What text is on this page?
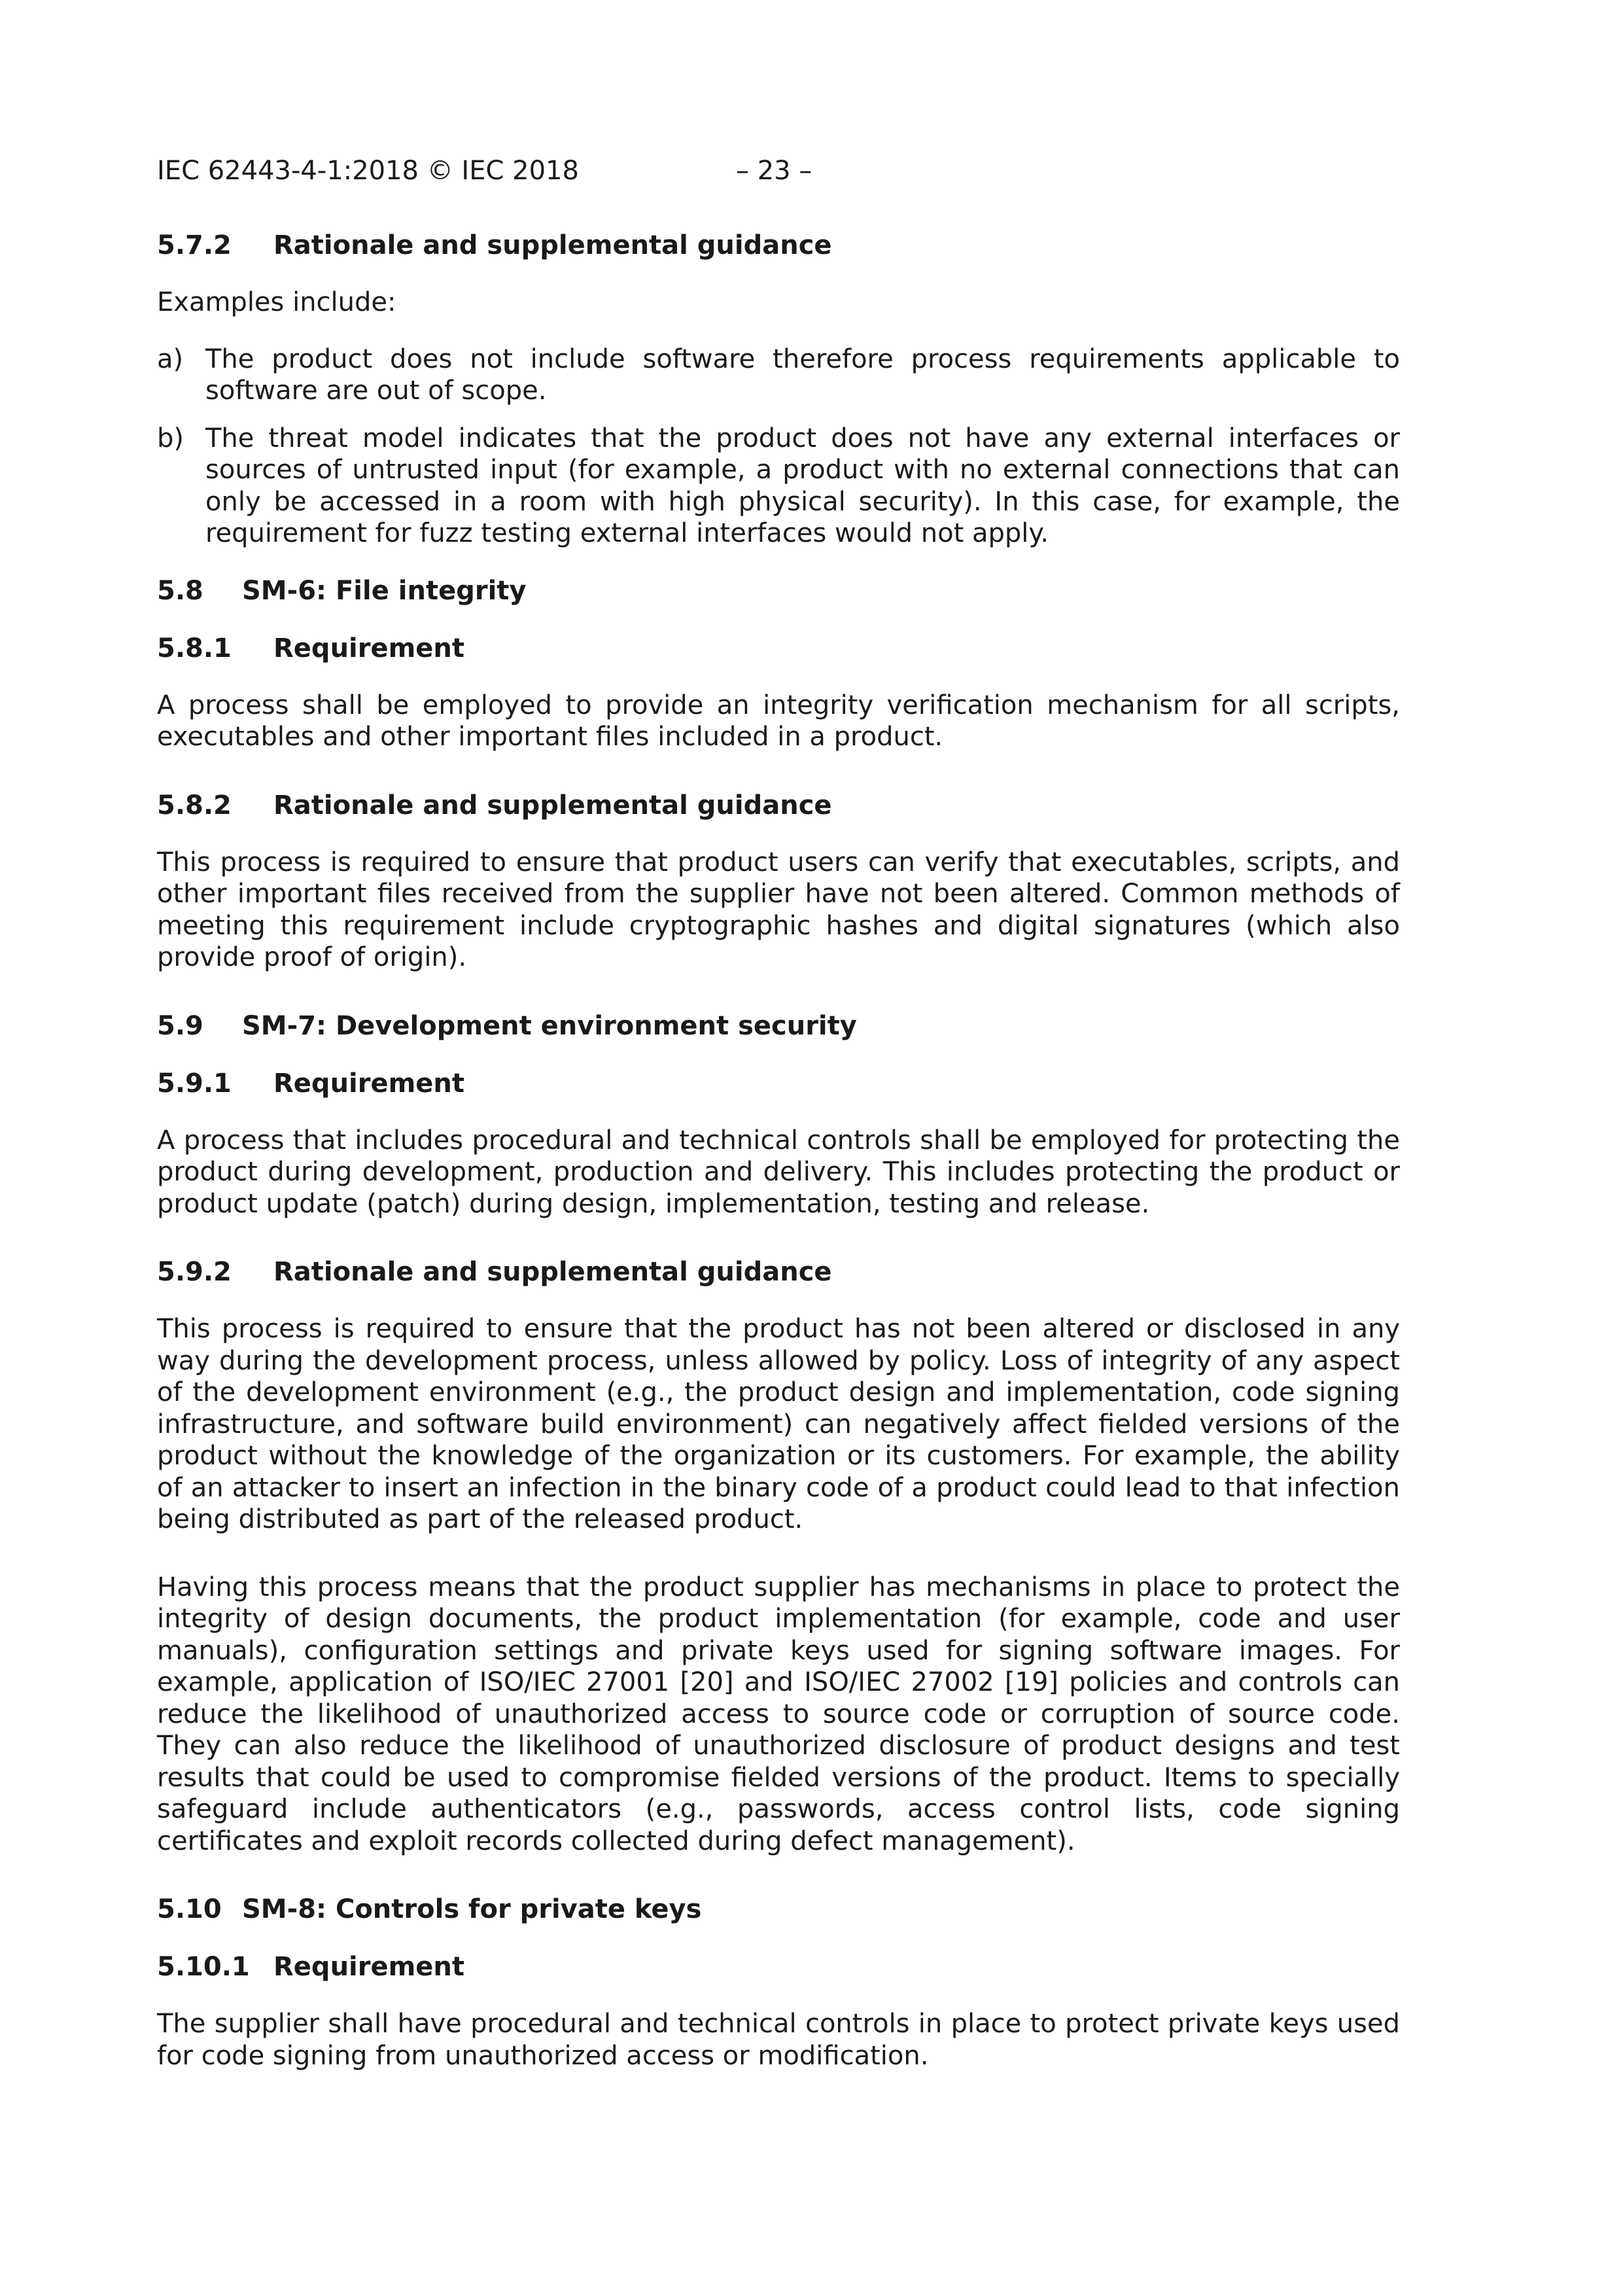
IEC 62443-4-1:2018 © IEC 2018	– 23 –
5.7.2 Rationale and supplemental guidance

Examples include:

a) The product does not include software therefore process requirements applicable to software are out of scope.
b) The threat model indicates that the product does not have any external interfaces or sources of untrusted input (for example, a product with no external connections that can only be accessed in a room with high physical security). In this case, for example, the requirement for fuzz testing external interfaces would not apply.
5.8 SM-6: File integrity
5.8.1 Requirement

A process shall be employed to provide an integrity verification mechanism for all scripts, executables and other important files included in a product.

5.8.2 Rationale and supplemental guidance

This process is required to ensure that product users can verify that executables, scripts, and other important files received from the supplier have not been altered. Common methods of meeting this requirement include cryptographic hashes and digital signatures (which also provide proof of origin).

5.9 SM-7: Development environment security
5.9.1 Requirement

A process that includes procedural and technical controls shall be employed for protecting the product during development, production and delivery. This includes protecting the product or product update (patch) during design, implementation, testing and release.

5.9.2 Rationale and supplemental guidance

This process is required to ensure that the product has not been altered or disclosed in any way during the development process, unless allowed by policy. Loss of integrity of any aspect of the development environment (e.g., the product design and implementation, code signing infrastructure, and software build environment) can negatively affect fielded versions of the product without the knowledge of the organization or its customers. For example, the ability of an attacker to insert an infection in the binary code of a product could lead to that infection being distributed as part of the released product.

Having this process means that the product supplier has mechanisms in place to protect the integrity of design documents, the product implementation (for example, code and user manuals), configuration settings and private keys used for signing software images. For example, application of ISO/IEC 27001 [20] and ISO/IEC 27002 [19] policies and controls can reduce the likelihood of unauthorized access to source code or corruption of source code. They can also reduce the likelihood of unauthorized disclosure of product designs and test results that could be used to compromise fielded versions of the product. Items to specially safeguard include authenticators (e.g., passwords, access control lists, code signing certificates and exploit records collected during defect management).

5.10 SM-8: Controls for private keys
5.10.1 Requirement

The supplier shall have procedural and technical controls in place to protect private keys used for code signing from unauthorized access or modification.
